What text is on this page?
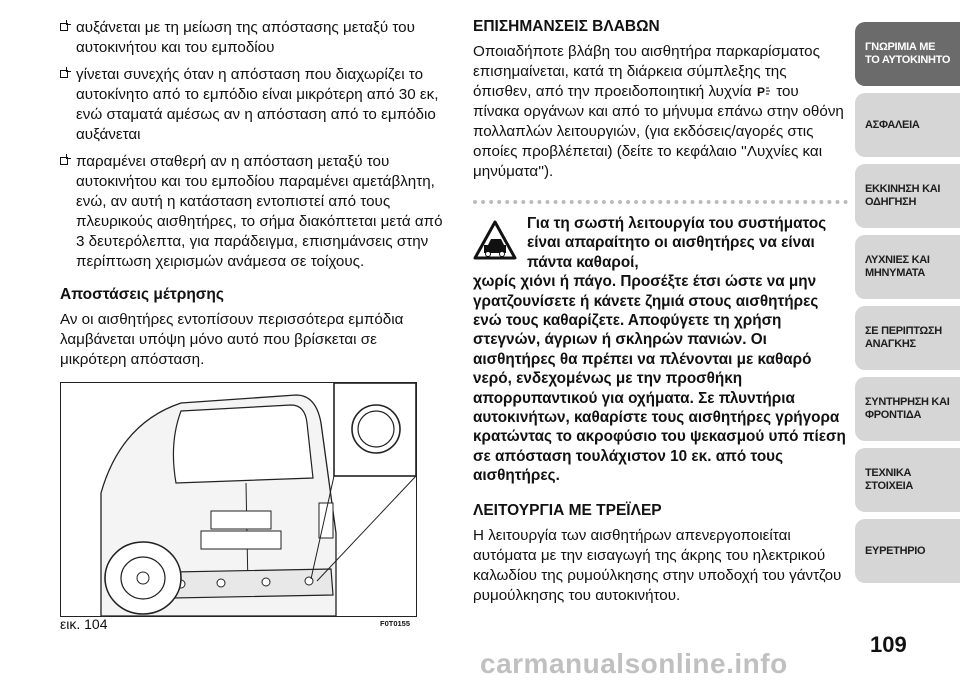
αυξάνεται με τη μείωση της απόστασης μεταξύ του αυτοκινήτου και του εμποδίου
γίνεται συνεχής όταν η απόσταση που διαχωρίζει το αυτοκίνητο από το εμπόδιο είναι μικρότερη από 30 εκ, ενώ σταματά αμέσως αν η απόσταση από το εμπόδιο αυξάνεται
παραμένει σταθερή αν η απόσταση μεταξύ του αυτοκινήτου και του εμποδίου παραμένει αμετάβλητη, ενώ, αν αυτή η κατάσταση εντοπιστεί από τους πλευρικούς αισθητήρες, το σήμα διακόπτεται μετά από 3 δευτερόλεπτα, για παράδειγμα, επισημάνσεις στην περίπτωση χειρισμών ανάμεσα σε τοίχους.
Αποστάσεις μέτρησης

Αν οι αισθητήρες εντοπίσουν περισσότερα εμπόδια λαμβάνεται υπόψη μόνο αυτό που βρίσκεται σε μικρότερη απόσταση.

εικ. 104	F0T0155
ΕΠΙΣΗΜΑΝΣΕΙΣ ΒΛΑΒΩΝ

Οποιαδήποτε βλάβη του αισθητήρα παρκαρίσματος επισημαίνεται, κατά τη διάρκεια σύμπλεξης της όπισθεν, από την προειδοποιητική λυχνία P του πίνακα οργάνων και από το μήνυμα επάνω στην οθόνη πολλαπλών λειτουργιών, (για εκδόσεις/αγορές στις οποίες προβλέπεται) (δείτε το κεφάλαιο ''Λυχνίες και μηνύματα'').

Για τη σωστή λειτουργία του συστήματος είναι απαραίτητο οι αισθητήρες να είναι πάντα καθαροί,

χωρίς χιόνι ή πάγο. Προσέξτε έτσι ώστε να μην γρατζουνίσετε ή κάνετε ζημιά στους αισθητήρες ενώ τους καθαρίζετε. Αποφύγετε τη χρήση στεγνών, άγριων ή σκληρών πανιών. Οι αισθητήρες θα πρέπει να πλένονται με καθαρό νερό, ενδεχομένως με την προσθήκη απορρυπαντικού για οχήματα. Σε πλυντήρια αυτοκινήτων, καθαρίστε τους αισθητήρες γρήγορα κρατώντας το ακροφύσιο του ψεκασμού υπό πίεση σε απόσταση τουλάχιστον 10 εκ. από τους αισθητήρες.

ΛΕΙΤΟΥΡΓΙΑ ΜΕ ΤΡΕΪΛΕΡ

Η λειτουργία των αισθητήρων απενεργοποιείται αυτόματα με την εισαγωγή της άκρης του ηλεκτρικού καλωδίου της ρυμούλκησης στην υποδοχή του γάντζου ρυμούλκησης του αυτοκινήτου.

ΓΝΩΡΙΜΙΑ ΜΕ ΤΟ ΑΥΤΟΚΙΝΗΤΟ
ΑΣΦΑΛΕΙΑ
ΕΚΚΙΝΗΣΗ ΚΑΙ ΟΔΗΓΗΣΗ
ΛΥΧΝΙΕΣ ΚΑΙ ΜΗΝΥΜΑΤΑ
ΣΕ ΠΕΡΙΠΤΩΣΗ ΑΝΑΓΚΗΣ
ΣΥΝΤΗΡΗΣΗ ΚΑΙ ΦΡΟΝΤΙΔΑ
ΤΕΧΝΙΚΑ ΣΤΟΙΧΕΙΑ
ΕΥΡΕΤΗΡΙΟ
109
carmanualsonline.info
